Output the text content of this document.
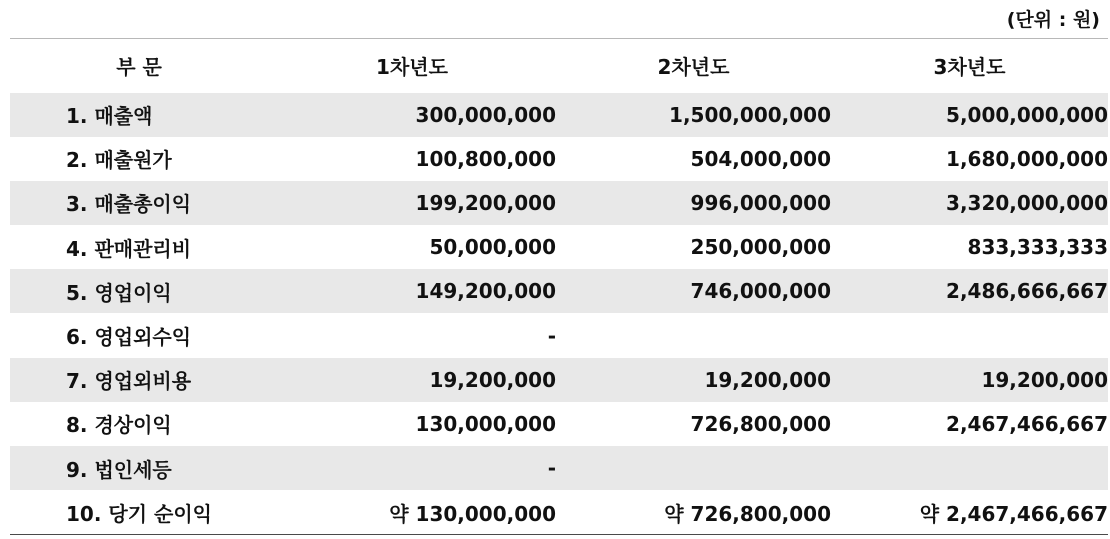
(단위 : 원)
부 문	1차년도	2차년도	3차년도
1. 매출액	300,000,000	1,500,000,000	5,000,000,000
2. 매출원가	100,800,000	504,000,000	1,680,000,000
3. 매출총이익	199,200,000	996,000,000	3,320,000,000
4. 판매관리비	50,000,000	250,000,000	833,333,333
5. 영업이익	149,200,000	746,000,000	2,486,666,667
6. 영업외수익	-		
7. 영업외비용	19,200,000	19,200,000	19,200,000
8. 경상이익	130,000,000	726,800,000	2,467,466,667
9. 법인세등	-		
10. 당기 순이익	약 130,000,000	약 726,800,000	약 2,467,466,667
